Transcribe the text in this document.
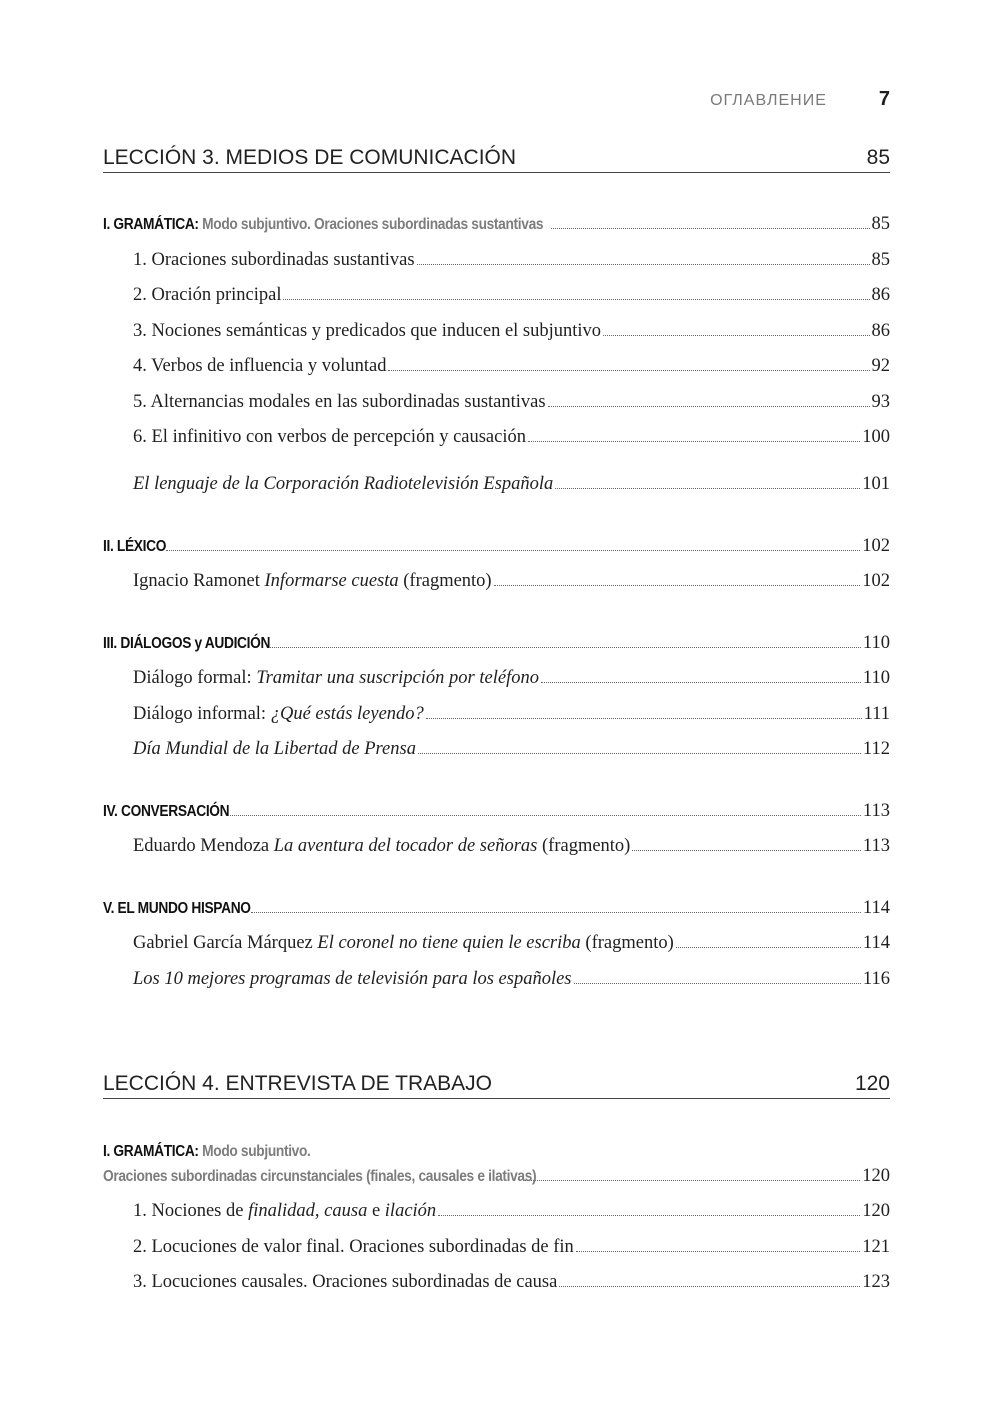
ОГЛАВЛЕНИЕ	7
LECCIÓN 3. MEDIOS DE COMUNICACIÓN	85
I. GRAMÁTICA: Modo subjuntivo. Oraciones subordinadas sustantivas	85
1. Oraciones subordinadas sustantivas	85
2. Oración principal	86
3. Nociones semánticas y predicados que inducen el subjuntivo	86
4. Verbos de influencia y voluntad	92
5. Alternancias modales en las subordinadas sustantivas	93
6. El infinitivo con verbos de percepción y causación	100
El lenguaje de la Corporación Radiotelevisión Española	101
II. LÉXICO	102
Ignacio Ramonet Informarse cuesta (fragmento)	102
III. DIÁLOGOS y AUDICIÓN	110
Diálogo formal: Tramitar una suscripción por teléfono	110
Diálogo informal: ¿Qué estás leyendo?	111
Día Mundial de la Libertad de Prensa	112
IV. CONVERSACIÓN	113
Eduardo Mendoza La aventura del tocador de señoras (fragmento)	113
V. EL MUNDO HISPANO	114
Gabriel García Márquez El coronel no tiene quien le escriba (fragmento)	114
Los 10 mejores programas de televisión para los españoles	116
LECCIÓN 4. ENTREVISTA DE TRABAJO	120
I. GRAMÁTICA: Modo subjuntivo.
Oraciones subordinadas circunstanciales (finales, causales e ilativas)	120
1. Nociones de finalidad, causa e ilación	120
2. Locuciones de valor final. Oraciones subordinadas de fin	121
3. Locuciones causales. Oraciones subordinadas de causa	123
